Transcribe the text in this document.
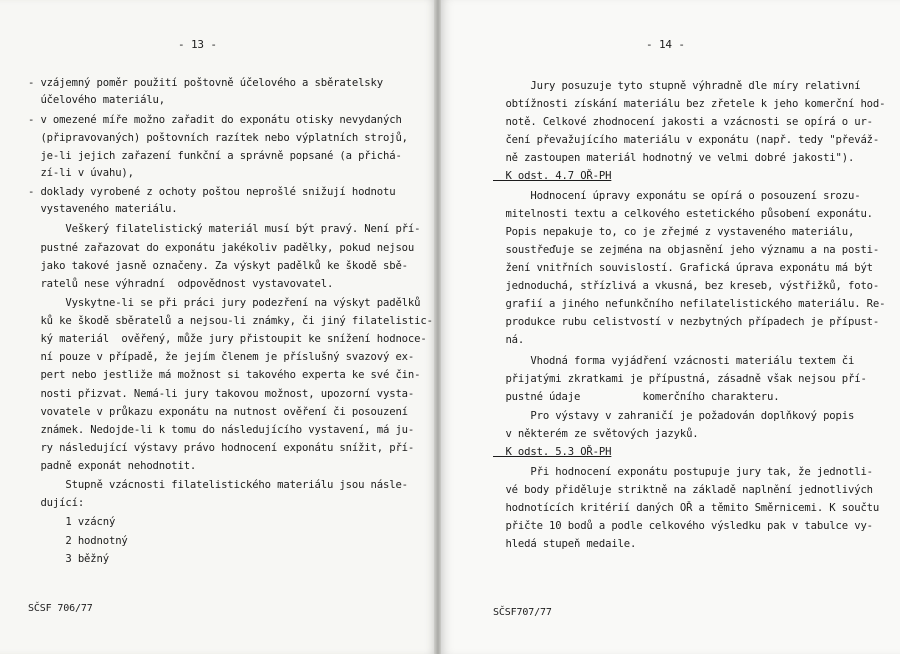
- 13 -
- vzájemný poměr použití poštovně účelového a sběratelsky
účelového materiálu,
- v omezené míře možno zařadit do exponátu otisky nevydaných
(připravovaných) poštovních razítek nebo výplatních strojů,
je-li jejich zařazení funkční a správně popsané (a přichá-
zí-li v úvahu),
- doklady vyrobené z ochoty poštou neprošlé snižují hodnotu
vystaveného materiálu.
Veškerý filatelistický materiál musí být pravý. Není pří-
pustné zařazovat do exponátu jakékoliv padělky, pokud nejsou
jako takové jasně označeny. Za výskyt padělků ke škodě sbě-
ratelů nese výhradní  odpovědnost vystavovatel.
Vyskytne-li se při práci jury podezření na výskyt padělků
ků ke škodě sběratelů a nejsou-li známky, či jiný filatelistic-
ký materiál  ověřený, může jury přistoupit ke snížení hodnoce-
ní pouze v případě, že jejím členem je příslušný svazový ex-
pert nebo jestliže má možnost si takového experta ke své čin-
nosti přizvat. Nemá-li jury takovou možnost, upozorní vysta-
vovatele v průkazu exponátu na nutnost ověření či posouzení
známek. Nedojde-li k tomu do následujícího vystavení, má ju-
ry následující výstavy právo hodnocení exponátu snížit, pří-
padně exponát nehodnotit.
Stupně vzácnosti filatelistického materiálu jsou násle-
dující:
1 vzácný
2 hodnotný
3 běžný
SČSF 706/77
- 14 -
Jury posuzuje tyto stupně výhradně dle míry relativní
obtížnosti získání materiálu bez zřetele k jeho komerční hod-
notě. Celkové zhodnocení jakosti a vzácnosti se opírá o ur-
čení převažujícího materiálu v exponátu (např. tedy "převáž-
ně zastoupen materiál hodnotný ve velmi dobré jakosti").
K odst. 4.7 OŘ-PH
Hodnocení úpravy exponátu se opírá o posouzení srozu-
mitelnosti textu a celkového estetického působení exponátu.
Popis nepakuje to, co je zřejmé z vystaveného materiálu,
soustřeďuje se zejména na objasnění jeho významu a na posti-
žení vnitřních souvislostí. Grafická úprava exponátu má být
jednoduchá, střízlivá a vkusná, bez kreseb, výstřižků, foto-
grafií a jiného nefunkčního nefilatelistického materiálu. Re-
produkce rubu celistvostí v nezbytných případech je přípust-
ná.
Vhodná forma vyjádření vzácnosti materiálu textem či
přijatými zkratkami je přípustná, zásadně však nejsou pří-
pustné údaje          komerčního charakteru.
Pro výstavy v zahraničí je požadován doplňkový popis
v některém ze světových jazyků.
K odst. 5.3 OŘ-PH
Při hodnocení exponátu postupuje jury tak, že jednotli-
vé body přiděluje striktně na základě naplnění jednotlivých
hodnotících kritérií daných OŘ a těmito Směrnicemi. K součtu
přičte 10 bodů a podle celkového výsledku pak v tabulce vy-
hledá stupeň medaile.
SČSF707/77
